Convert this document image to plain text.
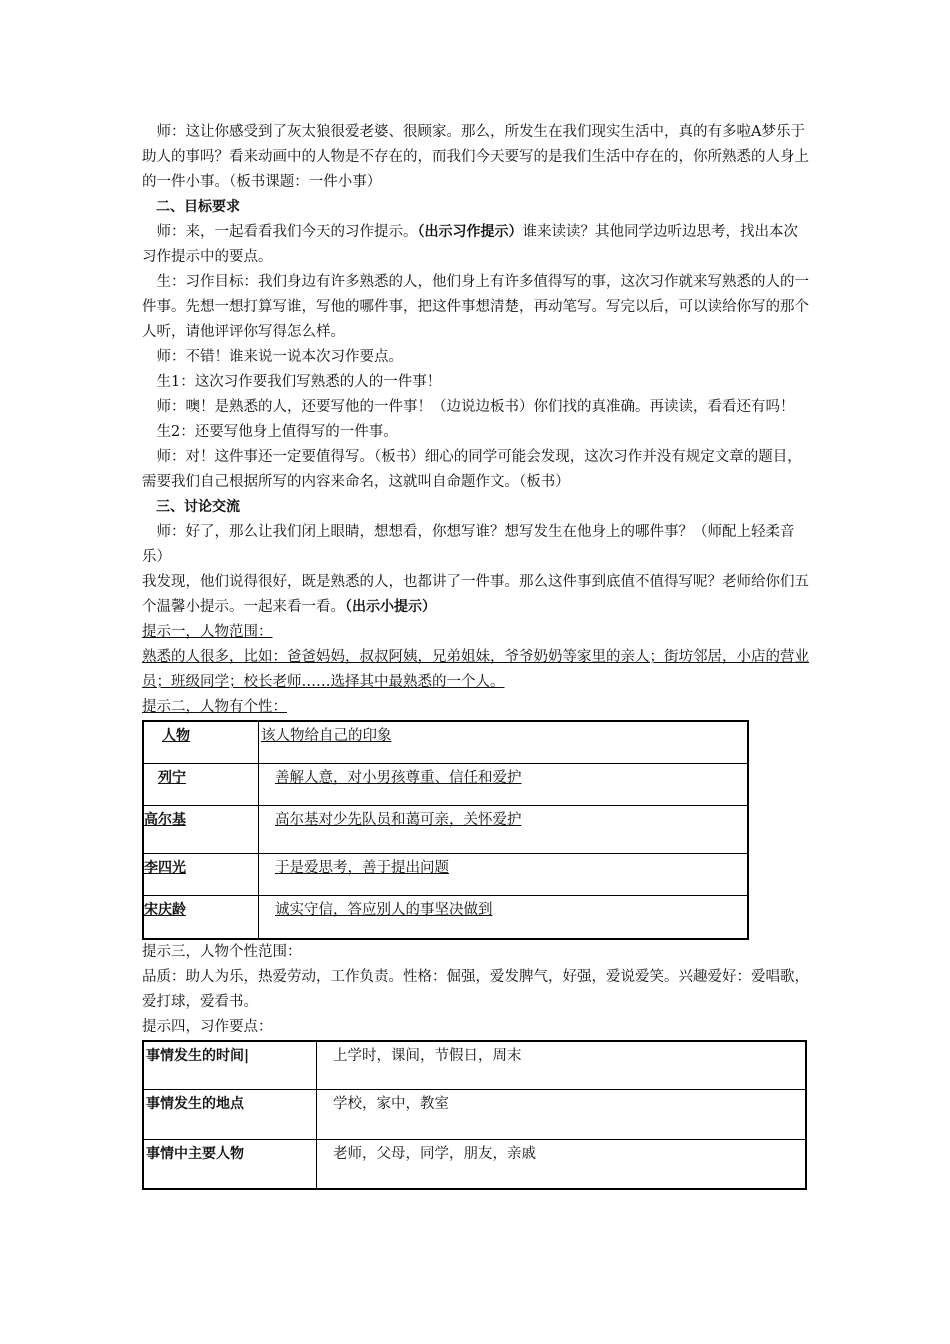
师：这让你感受到了灰太狼很爱老婆、很顾家。那么，所发生在我们现实生活中，真的有多啦A梦乐于助人的事吗？看来动画中的人物是不存在的，而我们今天要写的是我们生活中存在的，你所熟悉的人身上的一件小事。（板书课题：一件小事）

二、目标要求

师：来，一起看看我们今天的习作提示。（出示习作提示）谁来读读？其他同学边听边思考，找出本次习作提示中的要点。

生：习作目标：我们身边有许多熟悉的人，他们身上有许多值得写的事，这次习作就来写熟悉的人的一件事。先想一想打算写谁，写他的哪件事，把这件事想清楚，再动笔写。写完以后，可以读给你写的那个人听，请他评评你写得怎么样。

师：不错！谁来说一说本次习作要点。

生1：这次习作要我们写熟悉的人的一件事！

师：噢！是熟悉的人，还要写他的一件事！（边说边板书）你们找的真准确。再读读，看看还有吗！

生2：还要写他身上值得写的一件事。

师：对！这件事还一定要值得写。（板书）细心的同学可能会发现，这次习作并没有规定文章的题目，需要我们自己根据所写的内容来命名，这就叫自命题作文。（板书）

三、讨论交流

师：好了，那么让我们闭上眼睛，想想看，你想写谁？想写发生在他身上的哪件事？（师配上轻柔音乐）

我发现，他们说得很好，既是熟悉的人，也都讲了一件事。那么这件事到底值不值得写呢？老师给你们五个温馨小提示。一起来看一看。（出示小提示）

提示一，人物范围：

熟悉的人很多，比如：爸爸妈妈，叔叔阿姨，兄弟姐妹，爷爷奶奶等家里的亲人；街坊邻居，小店的营业员；班级同学；校长老师……选择其中最熟悉的一个人。

提示二，人物有个性：

人物	该人物给自己的印象
列宁	善解人意，对小男孩尊重、信任和爱护
高尔基	高尔基对少先队员和蔼可亲，关怀爱护
李四光	于是爱思考，善于提出问题
宋庆龄	诚实守信，答应别人的事坚决做到

提示三，人物个性范围：

品质：助人为乐，热爱劳动，工作负责。性格：倔强，爱发脾气，好强，爱说爱笑。兴趣爱好：爱唱歌，爱打球，爱看书。

提示四，习作要点：

事情发生的时间|	上学时，课间，节假日，周末
事情发生的地点	学校，家中，教室
事情中主要人物	老师，父母，同学，朋友，亲戚
